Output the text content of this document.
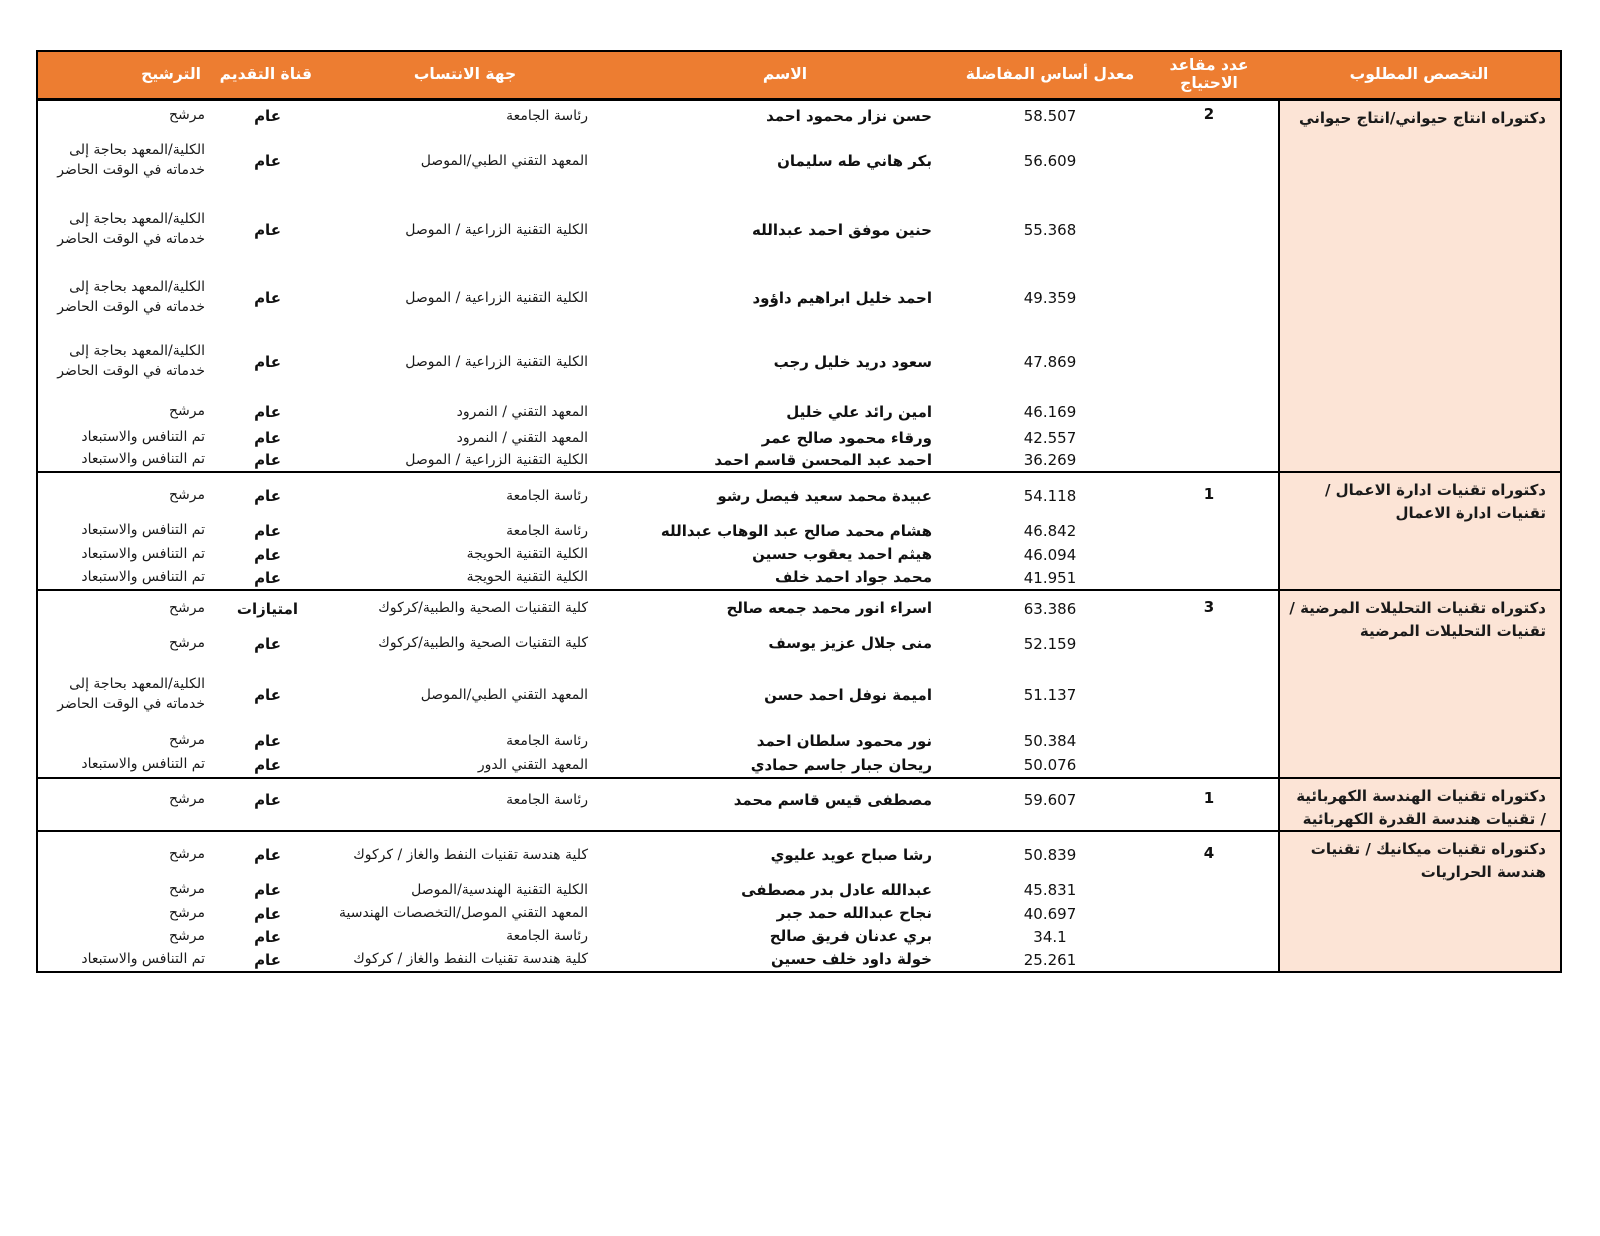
التخصص المطلوب
عدد مقاعد الاحتياج
معدل أساس المفاضلة
الاسم
جهة الانتساب
قناة التقديم
الترشيح
دكتوراه انتاج حيواني/انتاج حيواني
2
58.507
حسن نزار محمود احمد
رئاسة الجامعة
عام
مرشح
56.609
بكر هاني طه سليمان
المعهد التقني الطبي/الموصل
عام
الكلية/المعهد بحاجة إلى خدماته في الوقت الحاضر
55.368
حنين موفق احمد عبدالله
الكلية التقنية الزراعية / الموصل
عام
الكلية/المعهد بحاجة إلى خدماته في الوقت الحاضر
49.359
احمد خليل ابراهيم داؤود
الكلية التقنية الزراعية / الموصل
عام
الكلية/المعهد بحاجة إلى خدماته في الوقت الحاضر
47.869
سعود دريد خليل رجب
الكلية التقنية الزراعية / الموصل
عام
الكلية/المعهد بحاجة إلى خدماته في الوقت الحاضر
46.169
امين رائد علي خليل
المعهد التقني / النمرود
عام
مرشح
42.557
ورقاء محمود صالح عمر
المعهد التقني / النمرود
عام
تم التنافس والاستبعاد
36.269
احمد عبد المحسن قاسم احمد
الكلية التقنية الزراعية / الموصل
عام
تم التنافس والاستبعاد
دكتوراه تقنيات ادارة الاعمال / تقنيات ادارة الاعمال
1
54.118
عبيدة محمد سعيد فيصل رشو
رئاسة الجامعة
عام
مرشح
46.842
هشام محمد صالح عبد الوهاب عبدالله
رئاسة الجامعة
عام
تم التنافس والاستبعاد
46.094
هيثم احمد يعقوب حسين
الكلية التقنية الحويجة
عام
تم التنافس والاستبعاد
41.951
محمد جواد احمد خلف
الكلية التقنية الحويجة
عام
تم التنافس والاستبعاد
دكتوراه تقنيات التحليلات المرضية / تقنيات التحليلات المرضية
3
63.386
اسراء انور محمد جمعه صالح
كلية التقنيات الصحية والطبية/كركوك
امتيازات
مرشح
52.159
منى جلال عزيز يوسف
كلية التقنيات الصحية والطبية/كركوك
عام
مرشح
51.137
اميمة نوفل احمد حسن
المعهد التقني الطبي/الموصل
عام
الكلية/المعهد بحاجة إلى خدماته في الوقت الحاضر
50.384
نور محمود سلطان احمد
رئاسة الجامعة
عام
مرشح
50.076
ريحان جبار جاسم حمادي
المعهد التقني الدور
عام
تم التنافس والاستبعاد
دكتوراه تقنيات الهندسة الكهربائية / تقنيات هندسة القدرة الكهربائية
1
59.607
مصطفى قيس قاسم محمد
رئاسة الجامعة
عام
مرشح
دكتوراه تقنيات ميكانيك / تقنيات هندسة الحراريات
4
50.839
رشا صباح عويد عليوي
كلية هندسة تقنيات النفط والغاز / كركوك
عام
مرشح
45.831
عبدالله عادل بدر مصطفى
الكلية التقنية الهندسية/الموصل
عام
مرشح
40.697
نجاح عبدالله حمد جبر
المعهد التقني الموصل/التخصصات الهندسية
عام
مرشح
34.1
بري عدنان فريق صالح
رئاسة الجامعة
عام
مرشح
25.261
خولة داود خلف حسين
كلية هندسة تقنيات النفط والغاز / كركوك
عام
تم التنافس والاستبعاد
